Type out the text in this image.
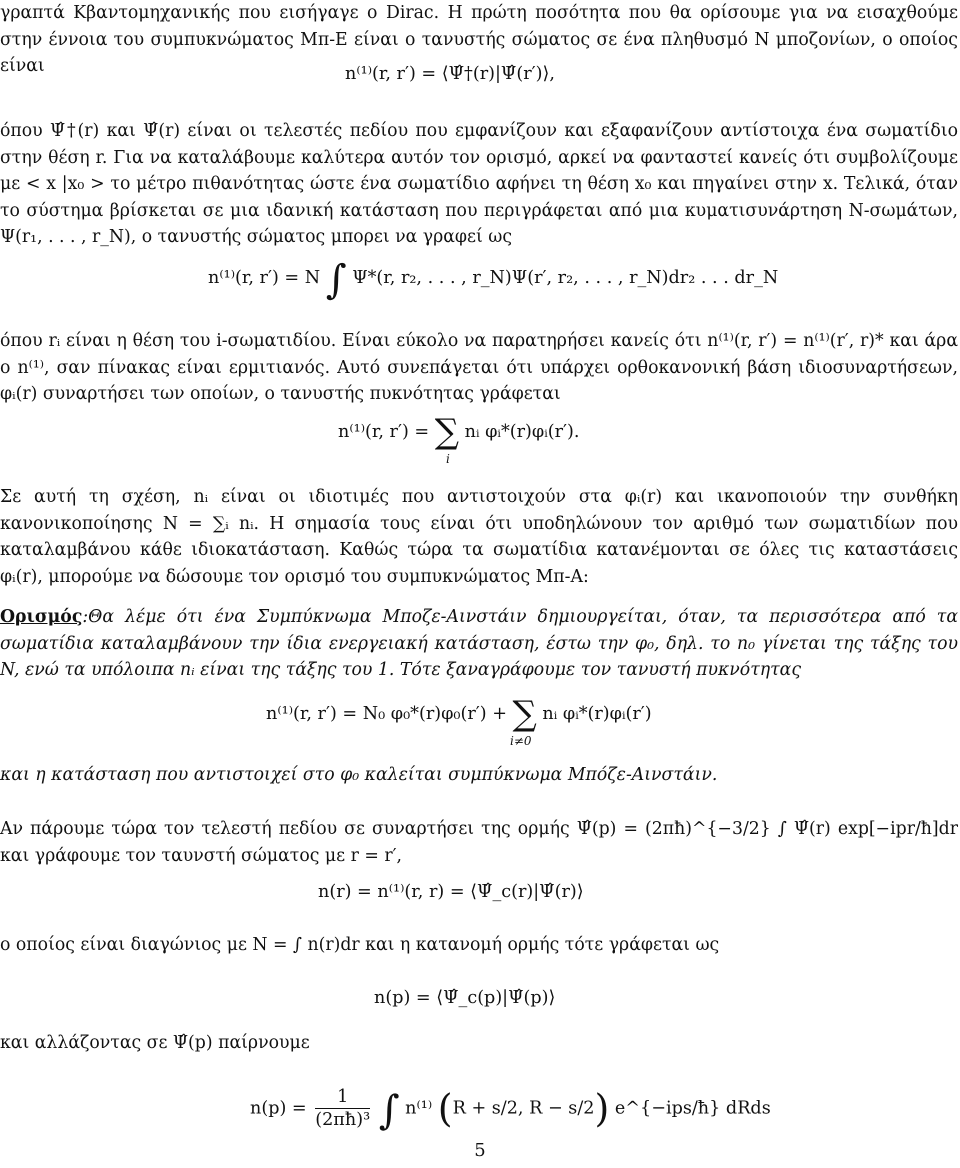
γραπτά Κβαντομηχανικής που εισήγαγε ο Dirac. Η πρώτη ποσότητα που θα ορίσουμε για να εισαχθούμε στην έννοια του συμπυκνώματος Μπ-Ε είναι ο τανυστής σώματος σε ένα πληθυσμό N μποζονίων, ο οποίος είναι	n⁽¹⁾(r, r′) = ⟨Ψ̂†(r)|Ψ̂(r′)⟩,

όπου Ψ̂†(r) και Ψ̂(r) είναι οι τελεστές πεδίου που εμφανίζουν και εξαφανίζουν αντίστοιχα ένα σωματίδιο στην θέση r. Για να καταλάβουμε καλύτερα αυτόν τον ορισμό, αρκεί να φανταστεί κανείς ότι συμβολίζουμε με < x |x₀ > το μέτρο πιθανότητας ώστε ένα σωματίδιο αφήνει τη θέση x₀ και πηγαίνει στην x. Τελικά, όταν το σύστημα βρίσκεται σε μια ιδανική κατάσταση που περιγράφεται από μια κυματισυνάρτηση N-σωμάτων, Ψ(r₁, . . . , r_N), ο τανυστής σώματος μπορει να γραφεί ως

n⁽¹⁾(r, r′) = N ∫ Ψ*(r, r₂, . . . , r_N)Ψ(r′, r₂, . . . , r_N)dr₂ . . . dr_N

όπου rᵢ είναι η θέση του i-σωματιδίου. Είναι εύκολο να παρατηρήσει κανείς ότι n⁽¹⁾(r, r′) = n⁽¹⁾(r′, r)* και άρα ο n⁽¹⁾, σαν πίνακας είναι ερμιτιανός. Αυτό συνεπάγεται ότι υπάρχει ορθοκανονική βάση ιδιοσυναρτήσεων, φᵢ(r) συναρτήσει των οποίων, ο τανυστής πυκνότητας γράφεται

n⁽¹⁾(r, r′) = ∑ nᵢ φᵢ*(r)φᵢ(r′).
i

Σε αυτή τη σχέση, nᵢ είναι οι ιδιοτιμές που αντιστοιχούν στα φᵢ(r) και ικανοποιούν την συνθήκη κανονικοποίησης N = ∑ᵢ nᵢ. Η σημασία τους είναι ότι υποδηλώνουν τον αριθμό των σωματιδίων που καταλαμβάνου κάθε ιδιοκατάσταση. Καθώς τώρα τα σωματίδια κατανέμονται σε όλες τις καταστάσεις φᵢ(r), μπορούμε να δώσουμε τον ορισμό του συμπυκνώματος Μπ-Α:

Ορισμός:Θα λέμε ότι ένα Συμπύκνωμα Μποζε-Αινστάιν δημιουργείται, όταν, τα περισσότερα από τα σωματίδια καταλαμβάνουν την ίδια ενεργειακή κατάσταση, έστω την φ₀, δηλ. το n₀ γίνεται της τάξης του N, ενώ τα υπόλοιπα nᵢ είναι της τάξης του 1. Τότε ξαναγράφουμε τον τανυστή πυκνότητας

n⁽¹⁾(r, r′) = N₀ φ₀*(r)φ₀(r′) + ∑ nᵢ φᵢ*(r)φᵢ(r′)
i≠0

και η κατάσταση που αντιστοιχεί στο φ₀ καλείται συμπύκνωμα Μπόζε-Αινστάιν.

Αν πάρουμε τώρα τον τελεστή πεδίου σε συναρτήσει της ορμής Ψ̂(p) = (2πħ)^{−3/2} ∫ Ψ̂(r) exp[−ipr/ħ]dr και γράφουμε τον ταυνστή σώματος με r = r′,

n(r) = n⁽¹⁾(r, r) = ⟨Ψ̂_c(r)|Ψ̂(r)⟩

ο οποίος είναι διαγώνιος με N = ∫ n(r)dr και η κατανομή ορμής τότε γράφεται ως

n(p) = ⟨Ψ̂_c(p)|Ψ̂(p)⟩

και αλλάζοντας σε Ψ̂(p) παίρνουμε

$n(p) = \frac{1}{\text{(2πħ)³}}$ ∫ n⁽¹⁾ (R + s/2, R − s/2) e^{−ips/ħ} dRds
5
